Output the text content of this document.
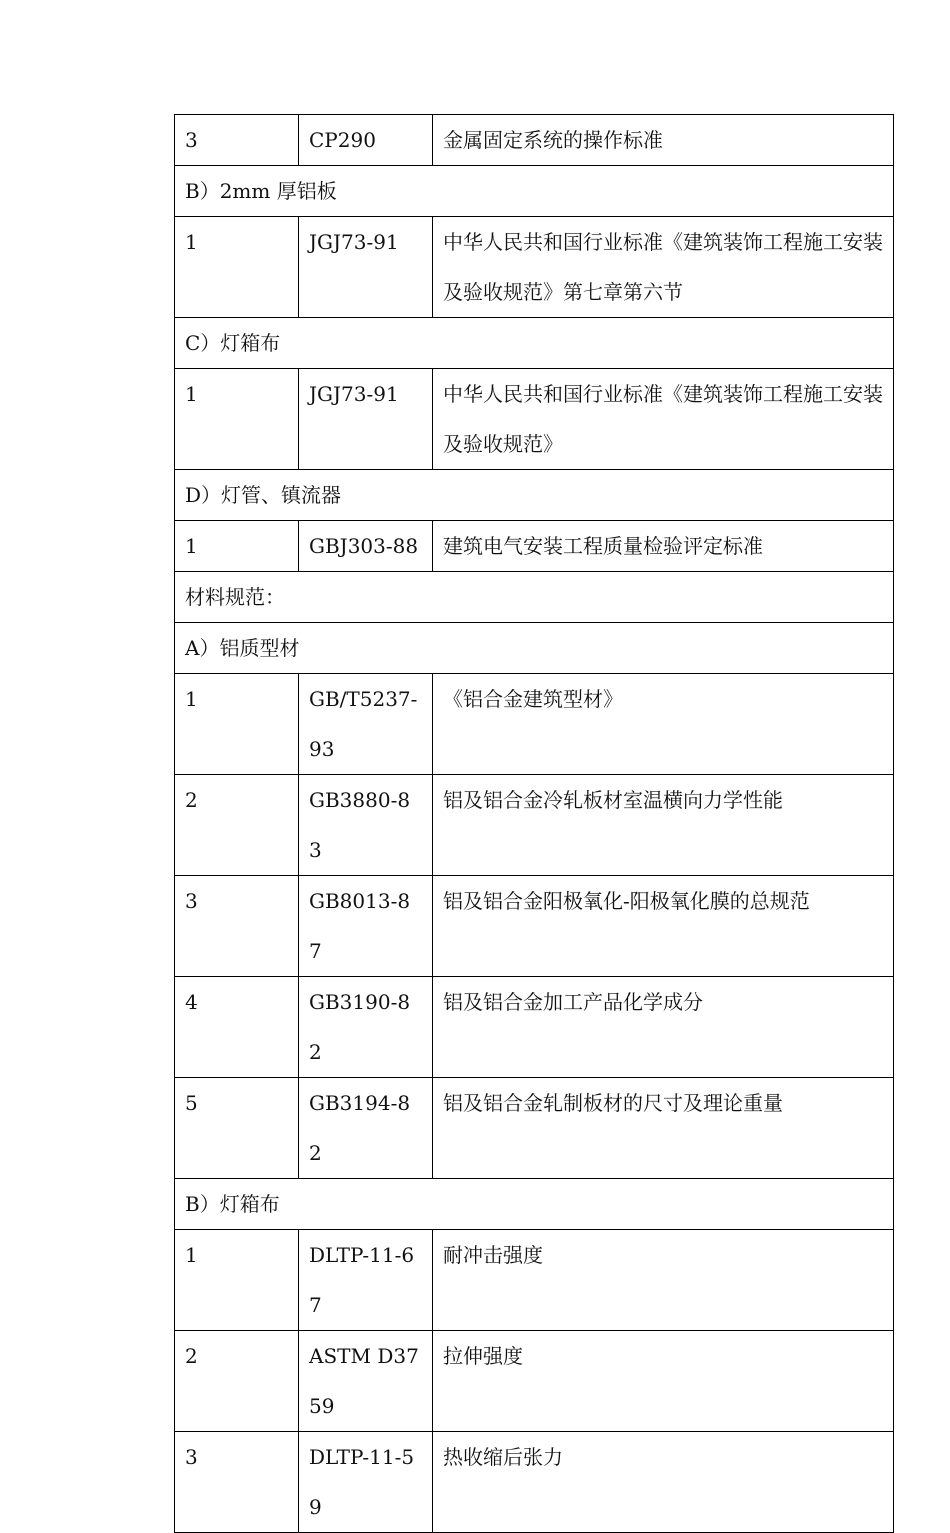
3	CP290	金属固定系统的操作标准
B）2mm 厚铝板		
1	JGJ73-91	中华人民共和国行业标准《建筑装饰工程施工安装及验收规范》第七章第六节
C）灯箱布		
1	JGJ73-91	中华人民共和国行业标准《建筑装饰工程施工安装及验收规范》
D）灯管、镇流器		
1	GBJ303-88	建筑电气安装工程质量检验评定标准
材料规范：		
A）铝质型材		
1	GB/T5237-93	《铝合金建筑型材》
2	GB3880-83	铝及铝合金冷轧板材室温横向力学性能
3	GB8013-87	铝及铝合金阳极氧化-阳极氧化膜的总规范
4	GB3190-82	铝及铝合金加工产品化学成分
5	GB3194-82	铝及铝合金轧制板材的尺寸及理论重量
B）灯箱布		
1	DLTP-11-67	耐冲击强度
2	ASTM D3759	拉伸强度
3	DLTP-11-59	热收缩后张力
